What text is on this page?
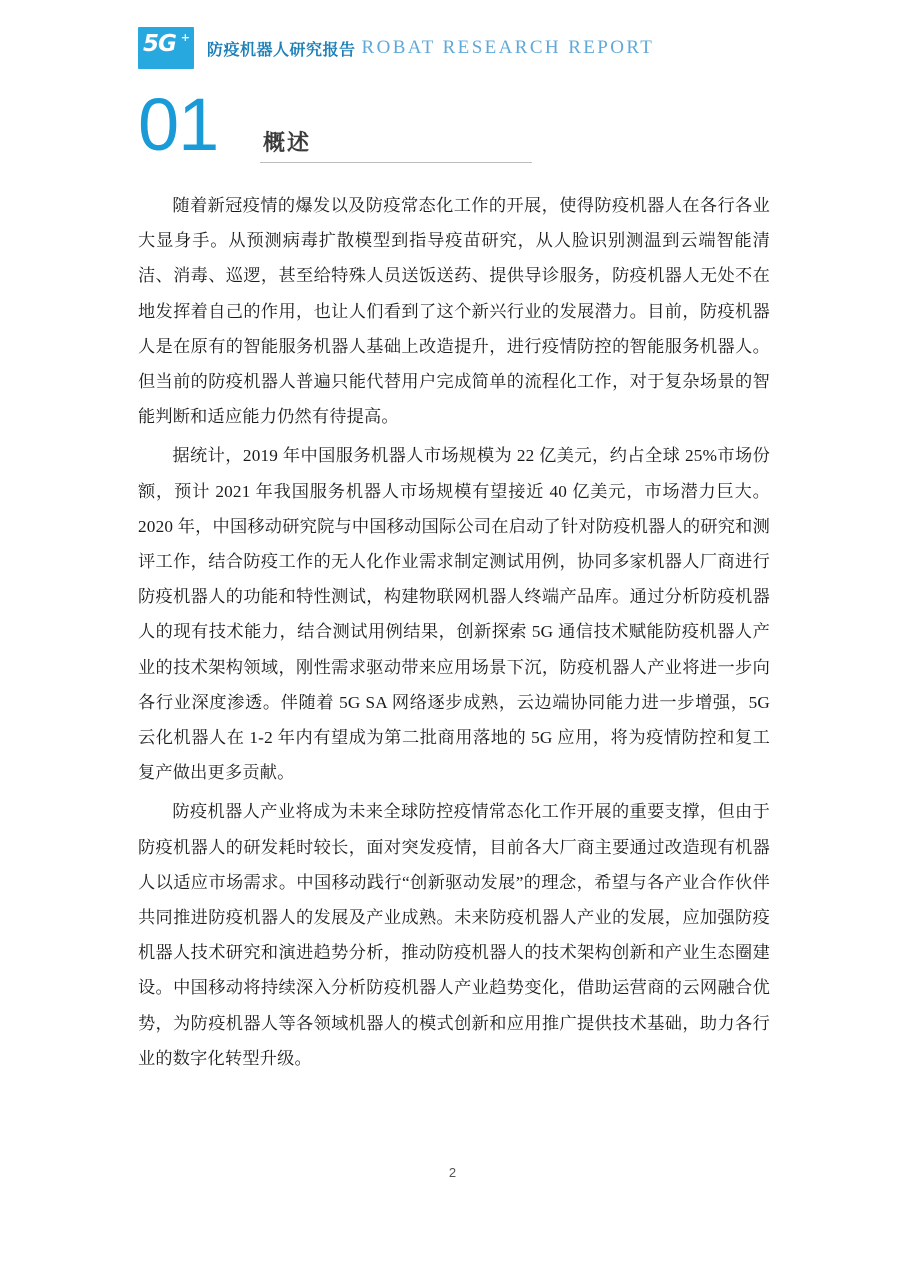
5G +
防疫机器人研究报告 ROBAT RESEARCH REPORT
01 概述

随着新冠疫情的爆发以及防疫常态化工作的开展，使得防疫机器人在各行各业大显身手。从预测病毒扩散模型到指导疫苗研究，从人脸识别测温到云端智能清洁、消毒、巡逻，甚至给特殊人员送饭送药、提供导诊服务，防疫机器人无处不在地发挥着自己的作用，也让人们看到了这个新兴行业的发展潜力。目前，防疫机器人是在原有的智能服务机器人基础上改造提升，进行疫情防控的智能服务机器人。但当前的防疫机器人普遍只能代替用户完成简单的流程化工作，对于复杂场景的智能判断和适应能力仍然有待提高。

据统计，2019 年中国服务机器人市场规模为 22 亿美元，约占全球 25%市场份额，预计 2021 年我国服务机器人市场规模有望接近 40 亿美元，市场潜力巨大。2020 年，中国移动研究院与中国移动国际公司在启动了针对防疫机器人的研究和测评工作，结合防疫工作的无人化作业需求制定测试用例，协同多家机器人厂商进行防疫机器人的功能和特性测试，构建物联网机器人终端产品库。通过分析防疫机器人的现有技术能力，结合测试用例结果，创新探索 5G 通信技术赋能防疫机器人产业的技术架构领域，刚性需求驱动带来应用场景下沉，防疫机器人产业将进一步向各行业深度渗透。伴随着 5G SA 网络逐步成熟，云边端协同能力进一步增强，5G 云化机器人在 1-2 年内有望成为第二批商用落地的 5G 应用，将为疫情防控和复工复产做出更多贡献。

防疫机器人产业将成为未来全球防控疫情常态化工作开展的重要支撑，但由于防疫机器人的研发耗时较长，面对突发疫情，目前各大厂商主要通过改造现有机器人以适应市场需求。中国移动践行“创新驱动发展”的理念，希望与各产业合作伙伴共同推进防疫机器人的发展及产业成熟。未来防疫机器人产业的发展，应加强防疫机器人技术研究和演进趋势分析，推动防疫机器人的技术架构创新和产业生态圈建设。中国移动将持续深入分析防疫机器人产业趋势变化，借助运营商的云网融合优势，为防疫机器人等各领域机器人的模式创新和应用推广提供技术基础，助力各行业的数字化转型升级。

2
